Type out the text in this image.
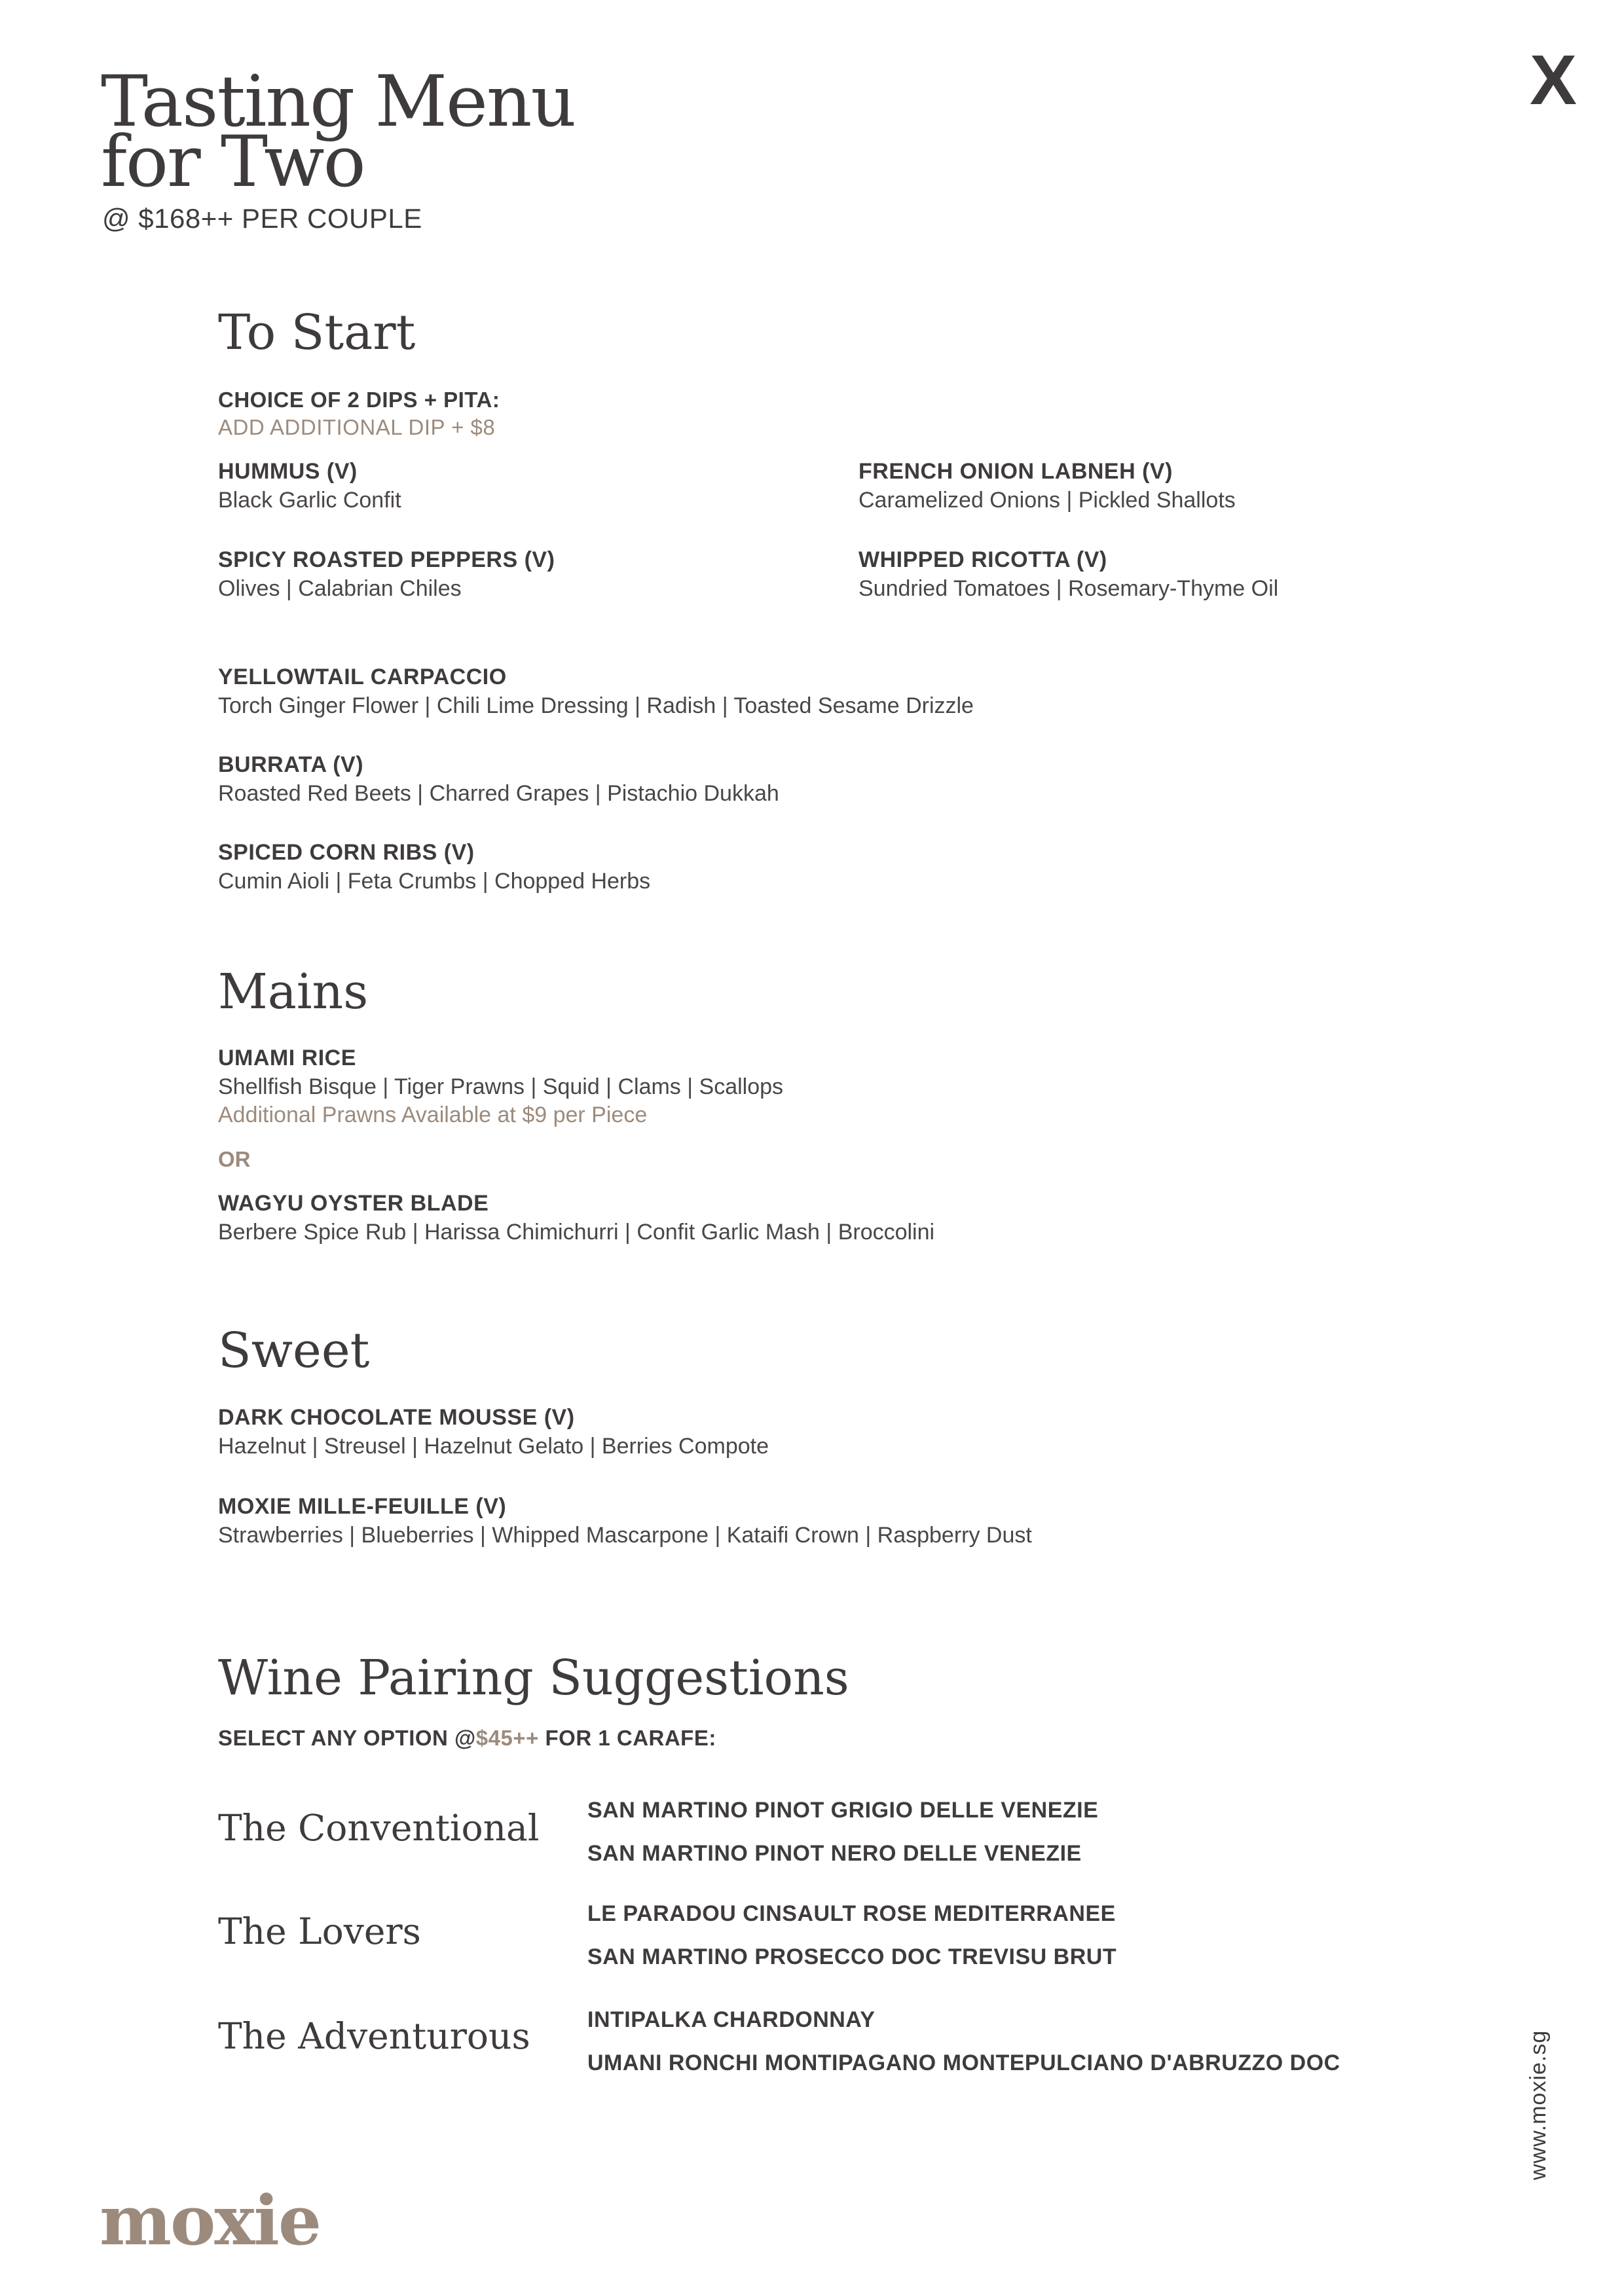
X
Tasting Menu
for Two
@ $168++ PER COUPLE
To Start
CHOICE OF 2 DIPS + PITA:
ADD ADDITIONAL DIP + $8
HUMMUS (V)
Black Garlic Confit
FRENCH ONION LABNEH (V)
Caramelized Onions | Pickled Shallots
SPICY ROASTED PEPPERS (V)
Olives | Calabrian Chiles
WHIPPED RICOTTA (V)
Sundried Tomatoes | Rosemary-Thyme Oil
YELLOWTAIL CARPACCIO
Torch Ginger Flower | Chili Lime Dressing | Radish | Toasted Sesame Drizzle
BURRATA (V)
Roasted Red Beets | Charred Grapes | Pistachio Dukkah
SPICED CORN RIBS (V)
Cumin Aioli | Feta Crumbs | Chopped Herbs
Mains
UMAMI RICE
Shellfish Bisque | Tiger Prawns | Squid | Clams | Scallops
Additional Prawns Available at $9 per Piece
OR
WAGYU OYSTER BLADE
Berbere Spice Rub | Harissa Chimichurri | Confit Garlic Mash | Broccolini
Sweet
DARK CHOCOLATE MOUSSE (V)
Hazelnut | Streusel | Hazelnut Gelato | Berries Compote
MOXIE MILLE-FEUILLE (V)
Strawberries | Blueberries | Whipped Mascarpone | Kataifi Crown | Raspberry Dust
Wine Pairing Suggestions
SELECT ANY OPTION @$45++ FOR 1 CARAFE:
The Conventional SAN MARTINO PINOT GRIGIO DELLE VENEZIE
SAN MARTINO PINOT NERO DELLE VENEZIE
The Lovers	LE PARADOU CINSAULT ROSE MEDITERRANEE
SAN MARTINO PROSECCO DOC TREVISU BRUT
The Adventurous	INTIPALKA CHARDONNAY
UMANI RONCHI MONTIPAGANO MONTEPULCIANO D'ABRUZZO DOC
moxie
www.moxie.sg
